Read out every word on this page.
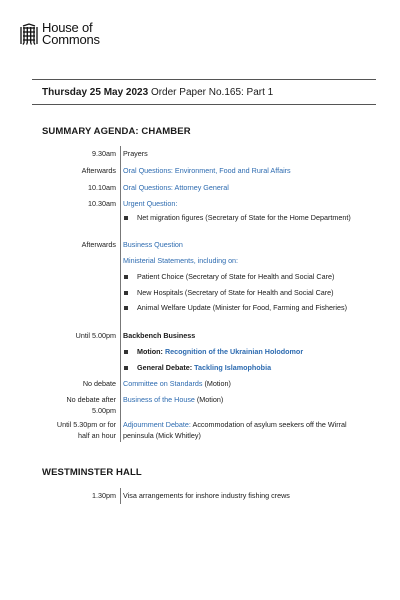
House of
Commons
Thursday 25 May 2023 Order Paper No.165: Part 1
SUMMARY AGENDA: CHAMBER
9.30am Prayers
Afterwards Oral Questions: Environment, Food and Rural Affairs
10.10am Oral Questions: Attorney General
10.30am Urgent Question:
Net migration figures (Secretary of State for the Home Department)
Afterwards Business Question
Ministerial Statements, including on:
Patient Choice (Secretary of State for Health and Social Care)
New Hospitals (Secretary of State for Health and Social Care)
Animal Welfare Update (Minister for Food, Farming and Fisheries)
Until 5.00pm Backbench Business
Motion: Recognition of the Ukrainian Holodomor
General Debate: Tackling Islamophobia
No debate Committee on Standards (Motion)
No debate after 5.00pm
Business of the House (Motion)
Until 5.30pm or for half an hour
Adjournment Debate: Accommodation of asylum seekers off the Wirral peninsula (Mick Whitley)
WESTMINSTER HALL
1.30pm Visa arrangements for inshore industry fishing crews
